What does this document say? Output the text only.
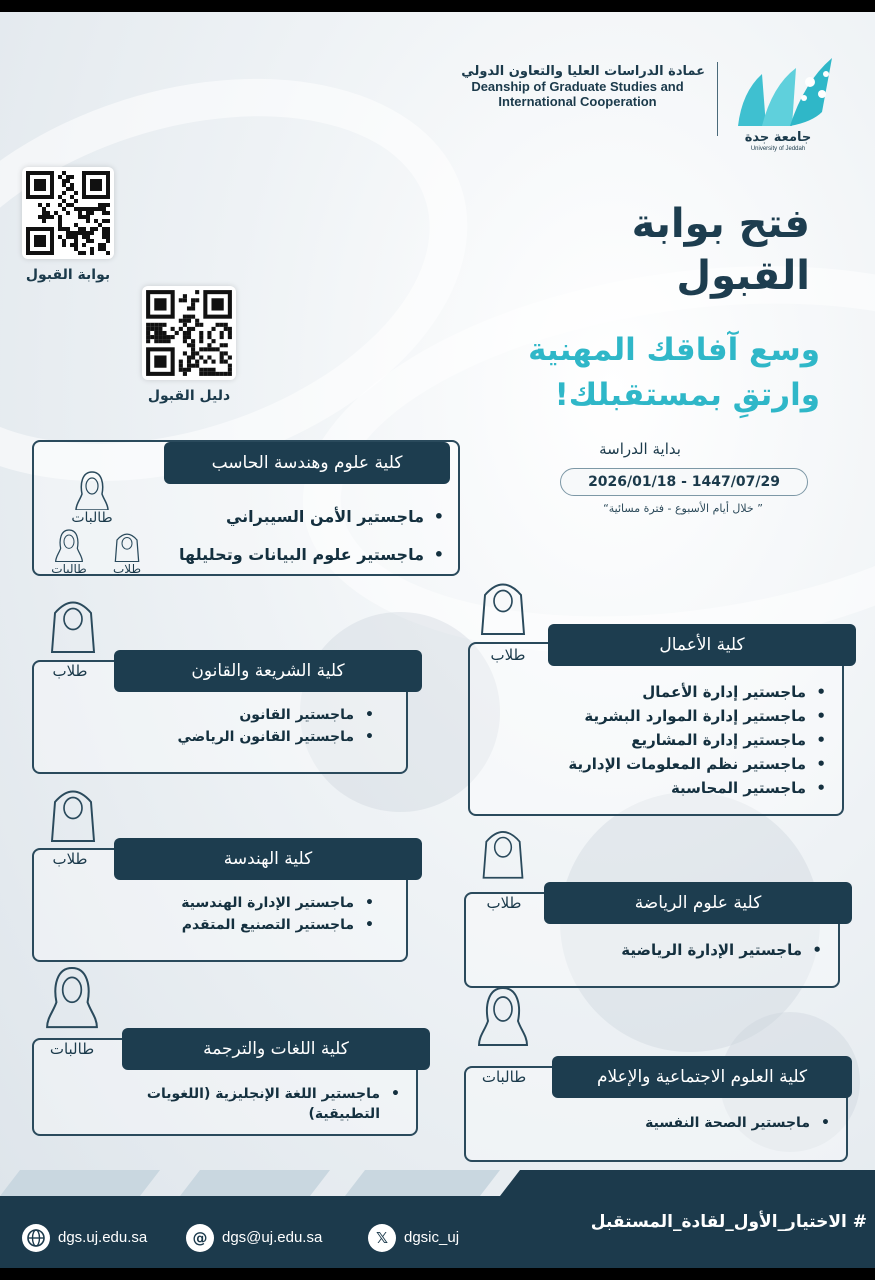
عمادة الدراسات العليا والتعاون الدولي
Deanship of Graduate Studies and
International Cooperation
جامعة جدة
University of Jeddah
بوابة القبول
دليل القبول
فتح بوابة
القبول
وسع آفاقك المهنية
وارتقِ بمستقبلك!
بداية الدراسة
2026/01/18 - 1447/07/29
” خلال أيام الأسبوع - فترة مسائية“
كلية علوم وهندسة الحاسب
• ماجستير الأمن السيبراني
• ماجستير علوم البيانات وتحليلها
طالبات
طالبات	طلاب
كلية الأعمال
طلاب
• ماجستير إدارة الأعمال
• ماجستير إدارة الموارد البشرية
• ماجستير إدارة المشاريع
• ماجستير نظم المعلومات الإدارية
• ماجستير المحاسبة
كلية الشريعة والقانون
طلاب
• ماجستير القانون
• ماجستير القانون الرياضي
كلية الهندسة
طلاب
• ماجستير الإدارة الهندسية
• ماجستير التصنيع المتقدم
كلية علوم الرياضة
طلاب
• ماجستير الإدارة الرياضية
كلية اللغات والترجمة
طالبات
• ماجستير اللغة الإنجليزية (اللغويات التطبيقية)
كلية العلوم الاجتماعية والإعلام
طالبات
• ماجستير الصحة النفسية
# الاختيار_الأول_لقادة_المستقبل
dgs.uj.edu.sa	@ dgs@uj.edu.sa	𝕏	dgsic_uj
